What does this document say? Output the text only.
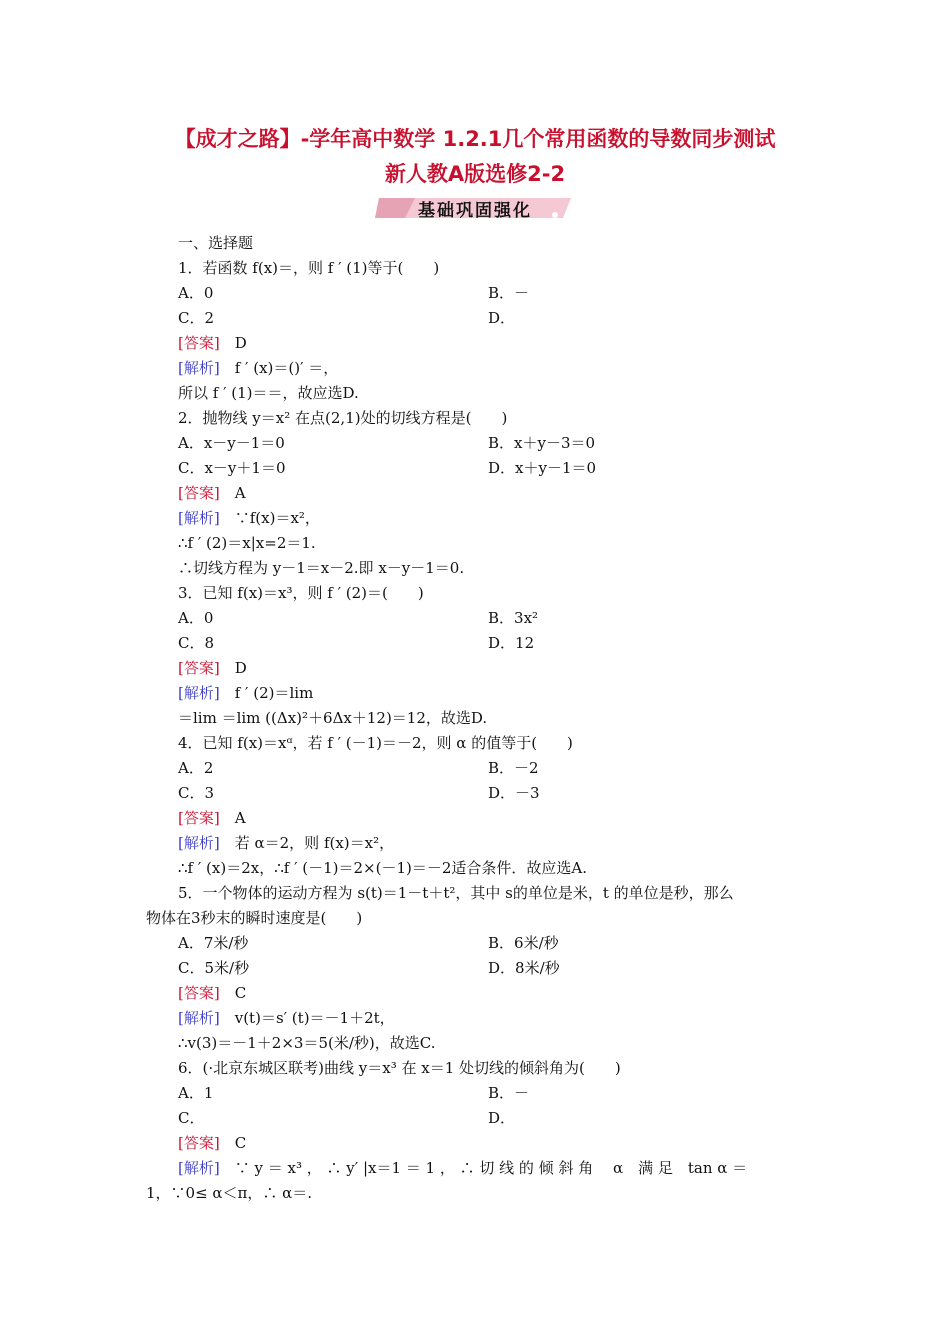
【成才之路】-学年高中数学 1.2.1几个常用函数的导数同步测试
新人教A版选修2-2
基础巩固强化
一、选择题
1．若函数 f(x)＝，则 f ′ (1)等于(　　)
A．0	B．－
C．2	D．
[答案]　 D
[解析]　 f ′ (x)＝()′ ＝，
所以 f ′ (1)＝＝，故应选D.
2．抛物线 y＝x² 在点(2,1)处的切线方程是(　　)
A．x－y－1＝0	B．x＋y－3＝0
C．x－y＋1＝0	D．x＋y－1＝0
[答案]　 A
[解析]　 ∵f(x)＝x²，
∴f ′ (2)＝x|x=2＝1.
∴切线方程为 y－1＝x－2.即 x－y－1＝0.
3．已知 f(x)＝x³，则 f ′ (2)＝(　　)
A．0	B．3x²
C．8	D．12
[答案]　 D
[解析]　 f ′ (2)＝lim
＝lim ＝lim ((Δx)²＋6Δx＋12)＝12，故选D.
4．已知 f(x)＝xᵅ，若 f ′ (－1)＝－2，则 α 的值等于(　　)
A．2	B．－2
C．3	D．－3
[答案]　 A
[解析]　 若 α＝2，则 f(x)＝x²，
∴f ′ (x)＝2x，∴f ′ (－1)＝2×(－1)＝－2适合条件．故应选A.
5．一个物体的运动方程为 s(t)＝1－t＋t²，其中 s的单位是米，t 的单位是秒，那么
物体在3秒末的瞬时速度是(　　)
A．7米/秒	B．6米/秒
C．5米/秒	D．8米/秒
[答案]　 C
[解析]　 v(t)＝s′ (t)＝－1＋2t，
∴v(3)＝－1＋2×3＝5(米/秒)，故选C.
6．(·北京东城区联考)曲线 y＝x³ 在 x＝1 处切线的倾斜角为(　　)
A．1	B．－
C．	D．
[答案]　 C
[解析]　 ∵ y ＝ x³ ， ∴ y′ |x＝1 ＝ 1 ， ∴ 切 线 的 倾 斜 角 　α　满 足　tan α ＝
1，∵0≤ α＜π，∴ α＝.
